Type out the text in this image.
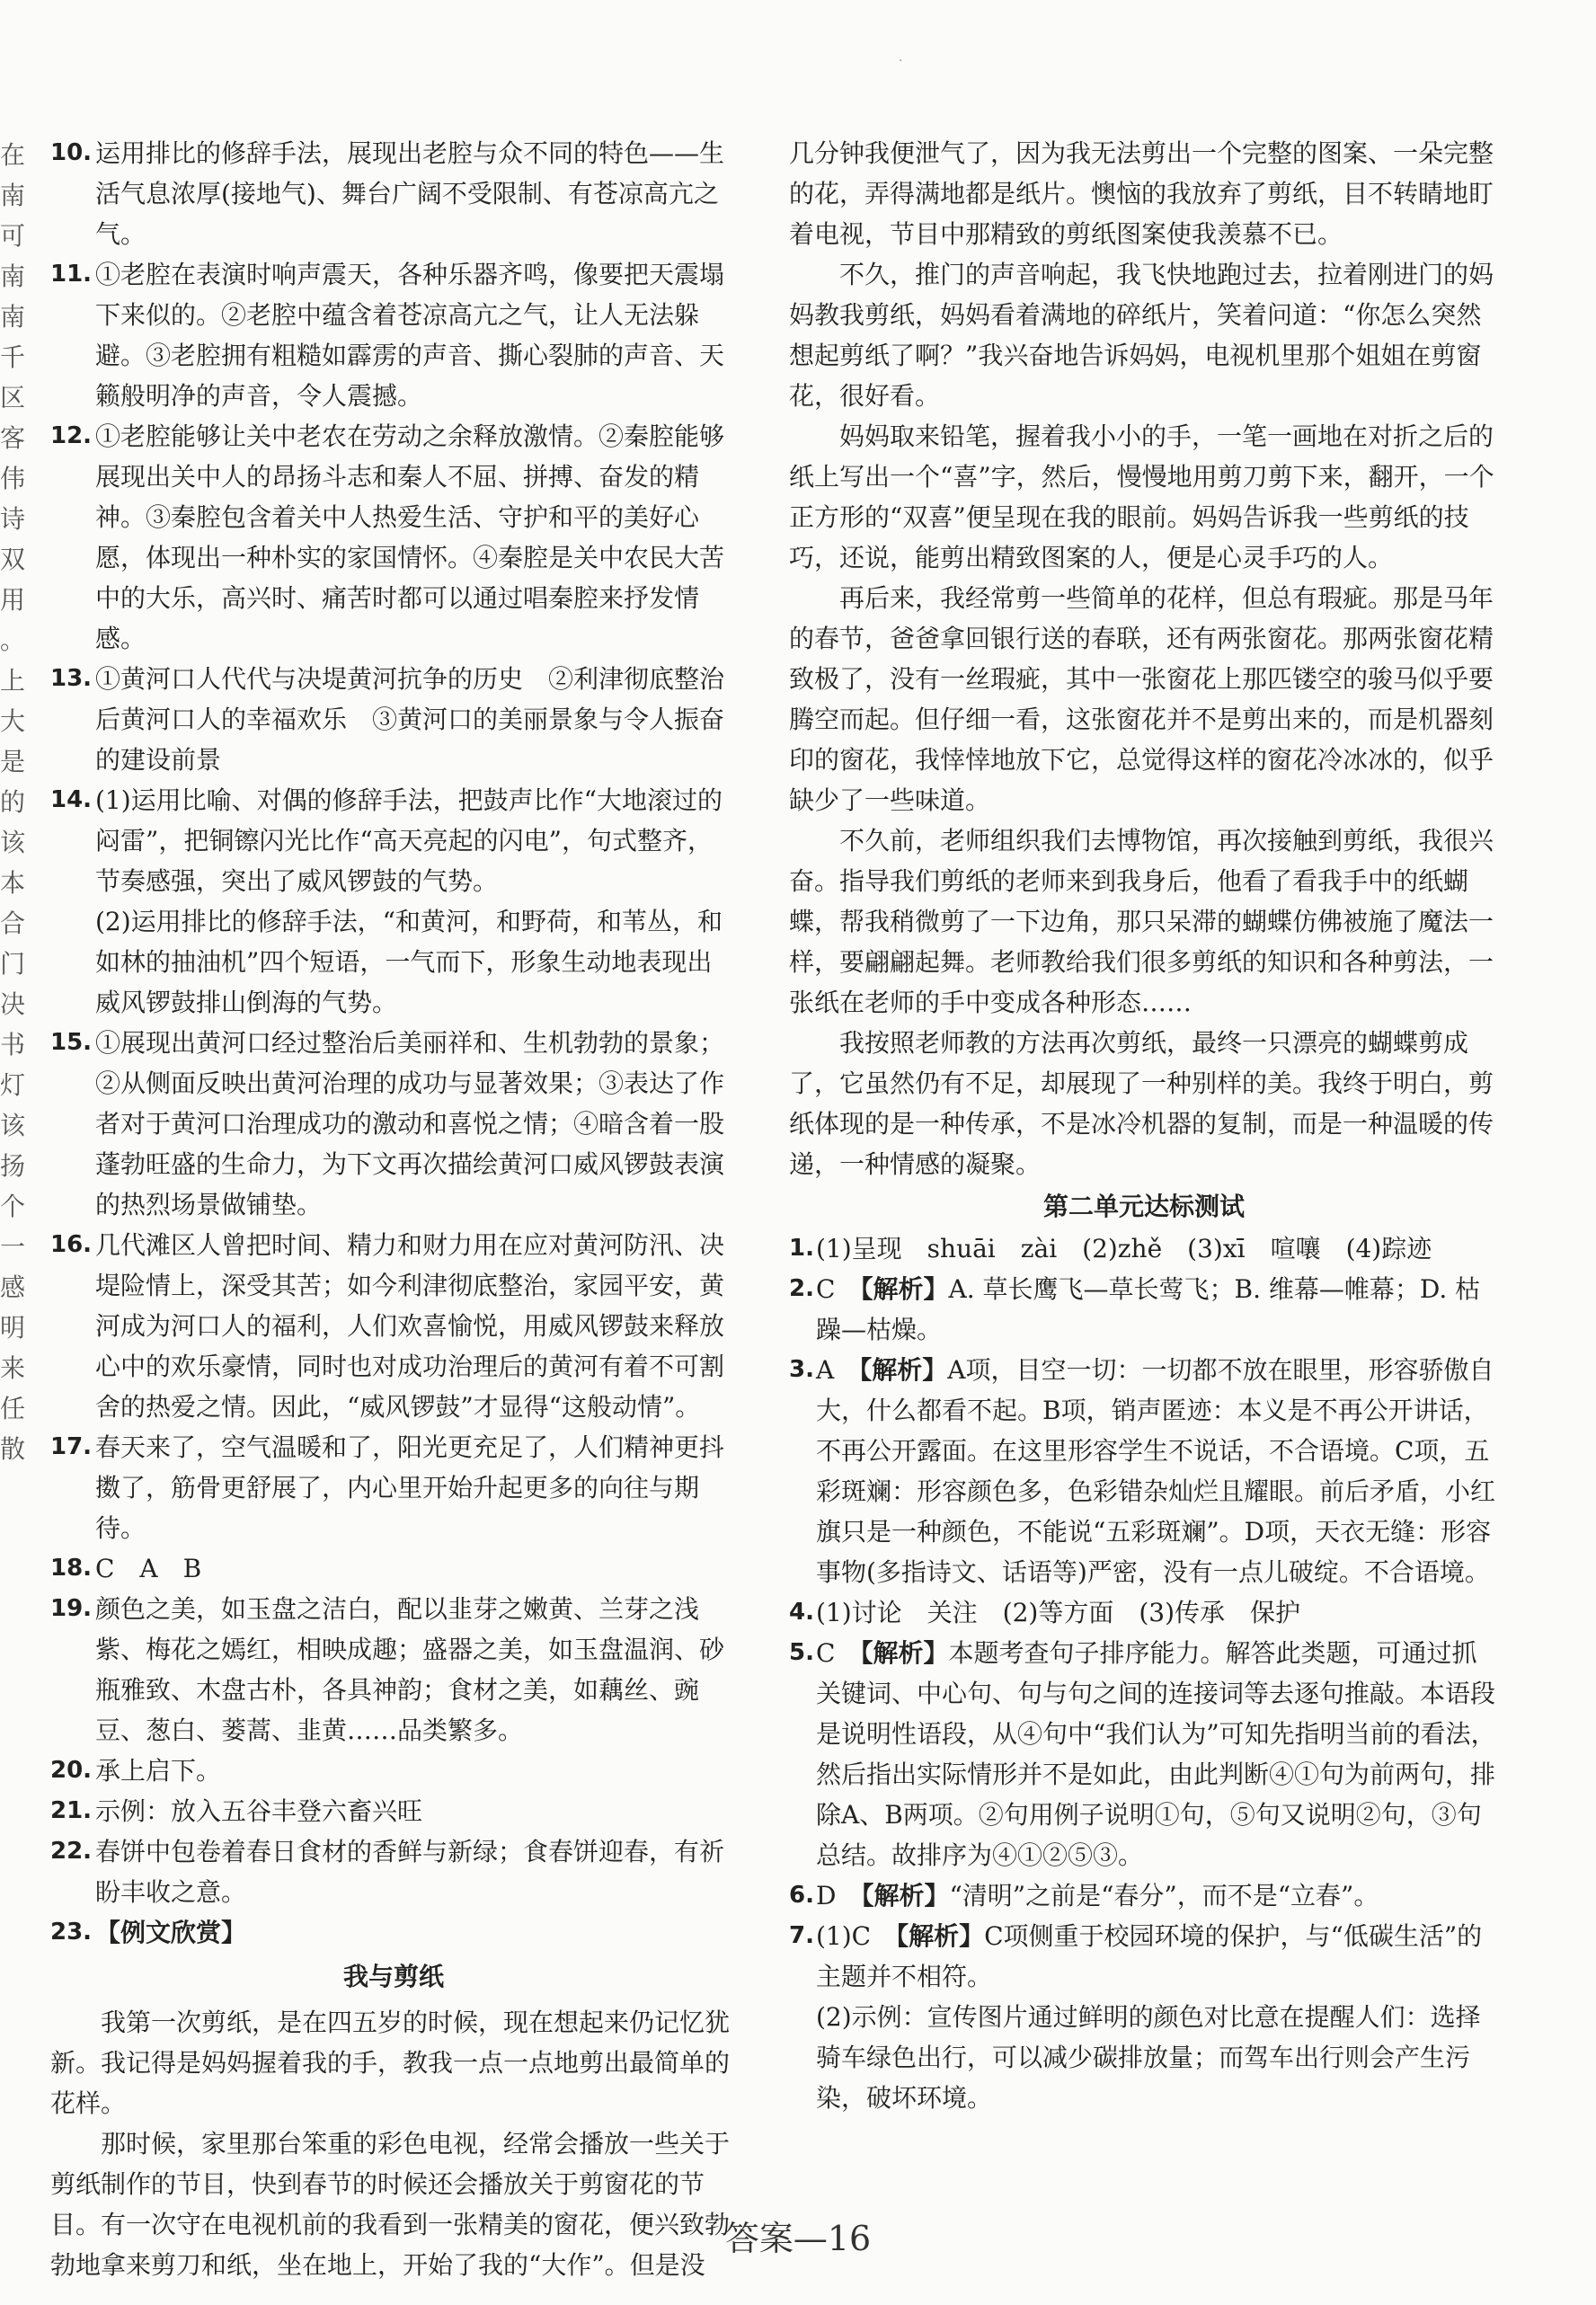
·
在
南
可
南
南
千
区
客
伟
诗
双
用
。
上
大
是
的
该
本
合
门
决
书
灯
该
扬
个
一
感
明
来
任
散
10. 运用排比的修辞手法，展现出老腔与众不同的特色——生活气息浓厚(接地气)、舞台广阔不受限制、有苍凉高亢之气。
11. ①老腔在表演时响声震天，各种乐器齐鸣，像要把天震塌下来似的。②老腔中蕴含着苍凉高亢之气，让人无法躲避。③老腔拥有粗糙如霹雳的声音、撕心裂肺的声音、天籁般明净的声音，令人震撼。
12. ①老腔能够让关中老农在劳动之余释放激情。②秦腔能够展现出关中人的昂扬斗志和秦人不屈、拼搏、奋发的精神。③秦腔包含着关中人热爱生活、守护和平的美好心愿，体现出一种朴实的家国情怀。④秦腔是关中农民大苦中的大乐，高兴时、痛苦时都可以通过唱秦腔来抒发情感。
13. ①黄河口人代代与决堤黄河抗争的历史　②利津彻底整治后黄河口人的幸福欢乐　③黄河口的美丽景象与令人振奋的建设前景
14. (1)运用比喻、对偶的修辞手法，把鼓声比作“大地滚过的闷雷”，把铜镲闪光比作“高天亮起的闪电”，句式整齐，节奏感强，突出了威风锣鼓的气势。

(2)运用排比的修辞手法，“和黄河，和野荷，和苇丛，和如林的抽油机”四个短语，一气而下，形象生动地表现出威风锣鼓排山倒海的气势。

15. ①展现出黄河口经过整治后美丽祥和、生机勃勃的景象；②从侧面反映出黄河治理的成功与显著效果；③表达了作者对于黄河口治理成功的激动和喜悦之情；④暗含着一股蓬勃旺盛的生命力，为下文再次描绘黄河口威风锣鼓表演的热烈场景做铺垫。
16. 几代滩区人曾把时间、精力和财力用在应对黄河防汛、决堤险情上，深受其苦；如今利津彻底整治，家园平安，黄河成为河口人的福利，人们欢喜愉悦，用威风锣鼓来释放心中的欢乐豪情，同时也对成功治理后的黄河有着不可割舍的热爱之情。因此，“威风锣鼓”才显得“这般动情”。
17. 春天来了，空气温暖和了，阳光更充足了，人们精神更抖擞了，筋骨更舒展了，内心里开始升起更多的向往与期待。
18. C　A　B
19. 颜色之美，如玉盘之洁白，配以韭芽之嫩黄、兰芽之浅紫、梅花之嫣红，相映成趣；盛器之美，如玉盘温润、砂瓶雅致、木盘古朴，各具神韵；食材之美，如藕丝、豌豆、葱白、蒌蒿、韭黄……品类繁多。
20. 承上启下。
21. 示例：放入五谷丰登六畜兴旺
22. 春饼中包卷着春日食材的香鲜与新绿；食春饼迎春，有祈盼丰收之意。
23. 【例文欣赏】
我与剪纸

我第一次剪纸，是在四五岁的时候，现在想起来仍记忆犹新。我记得是妈妈握着我的手，教我一点一点地剪出最简单的花样。

那时候，家里那台笨重的彩色电视，经常会播放一些关于剪纸制作的节目，快到春节的时候还会播放关于剪窗花的节目。有一次守在电视机前的我看到一张精美的窗花，便兴致勃勃地拿来剪刀和纸，坐在地上，开始了我的“大作”。但是没

几分钟我便泄气了，因为我无法剪出一个完整的图案、一朵完整的花，弄得满地都是纸片。懊恼的我放弃了剪纸，目不转睛地盯着电视，节目中那精致的剪纸图案使我羡慕不已。

不久，推门的声音响起，我飞快地跑过去，拉着刚进门的妈妈教我剪纸，妈妈看着满地的碎纸片，笑着问道：“你怎么突然想起剪纸了啊？”我兴奋地告诉妈妈，电视机里那个姐姐在剪窗花，很好看。

妈妈取来铅笔，握着我小小的手，一笔一画地在对折之后的纸上写出一个“喜”字，然后，慢慢地用剪刀剪下来，翻开，一个正方形的“双喜”便呈现在我的眼前。妈妈告诉我一些剪纸的技巧，还说，能剪出精致图案的人，便是心灵手巧的人。

再后来，我经常剪一些简单的花样，但总有瑕疵。那是马年的春节，爸爸拿回银行送的春联，还有两张窗花。那两张窗花精致极了，没有一丝瑕疵，其中一张窗花上那匹镂空的骏马似乎要腾空而起。但仔细一看，这张窗花并不是剪出来的，而是机器刻印的窗花，我悻悻地放下它，总觉得这样的窗花冷冰冰的，似乎缺少了一些味道。

不久前，老师组织我们去博物馆，再次接触到剪纸，我很兴奋。指导我们剪纸的老师来到我身后，他看了看我手中的纸蝴蝶，帮我稍微剪了一下边角，那只呆滞的蝴蝶仿佛被施了魔法一样，要翩翩起舞。老师教给我们很多剪纸的知识和各种剪法，一张纸在老师的手中变成各种形态……

我按照老师教的方法再次剪纸，最终一只漂亮的蝴蝶剪成了，它虽然仍有不足，却展现了一种别样的美。我终于明白，剪纸体现的是一种传承，不是冰冷机器的复制，而是一种温暖的传递，一种情感的凝聚。

第二单元达标测试
1. (1)呈现　shuāi　zài　(2)zhě　(3)xī　喧嚷　(4)踪迹
2. C　 【解析】A. 草长鹰飞—草长莺飞；B. 维幕—帷幕；D. 枯躁—枯燥。
3. A　 【解析】A项，目空一切：一切都不放在眼里，形容骄傲自大，什么都看不起。B项，销声匿迹：本义是不再公开讲话，不再公开露面。在这里形容学生不说话，不合语境。C项，五彩斑斓：形容颜色多，色彩错杂灿烂且耀眼。前后矛盾，小红旗只是一种颜色，不能说“五彩斑斓”。D项，天衣无缝：形容事物(多指诗文、话语等)严密，没有一点儿破绽。不合语境。
4. (1)讨论　关注　(2)等方面　(3)传承　保护
5. C　 【解析】本题考查句子排序能力。解答此类题，可通过抓关键词、中心句、句与句之间的连接词等去逐句推敲。本语段是说明性语段，从④句中“我们认为”可知先指明当前的看法，然后指出实际情形并不是如此，由此判断④①句为前两句，排除A、B两项。②句用例子说明①句，⑤句又说明②句，③句总结。故排序为④①②⑤③。
6. D　 【解析】“清明”之前是“春分”，而不是“立春”。
7. (1)C　 【解析】C项侧重于校园环境的保护，与“低碳生活”的主题并不相符。

(2)示例：宣传图片通过鲜明的颜色对比意在提醒人们：选择骑车绿色出行，可以减少碳排放量；而驾车出行则会产生污染，破坏环境。

答案—16
